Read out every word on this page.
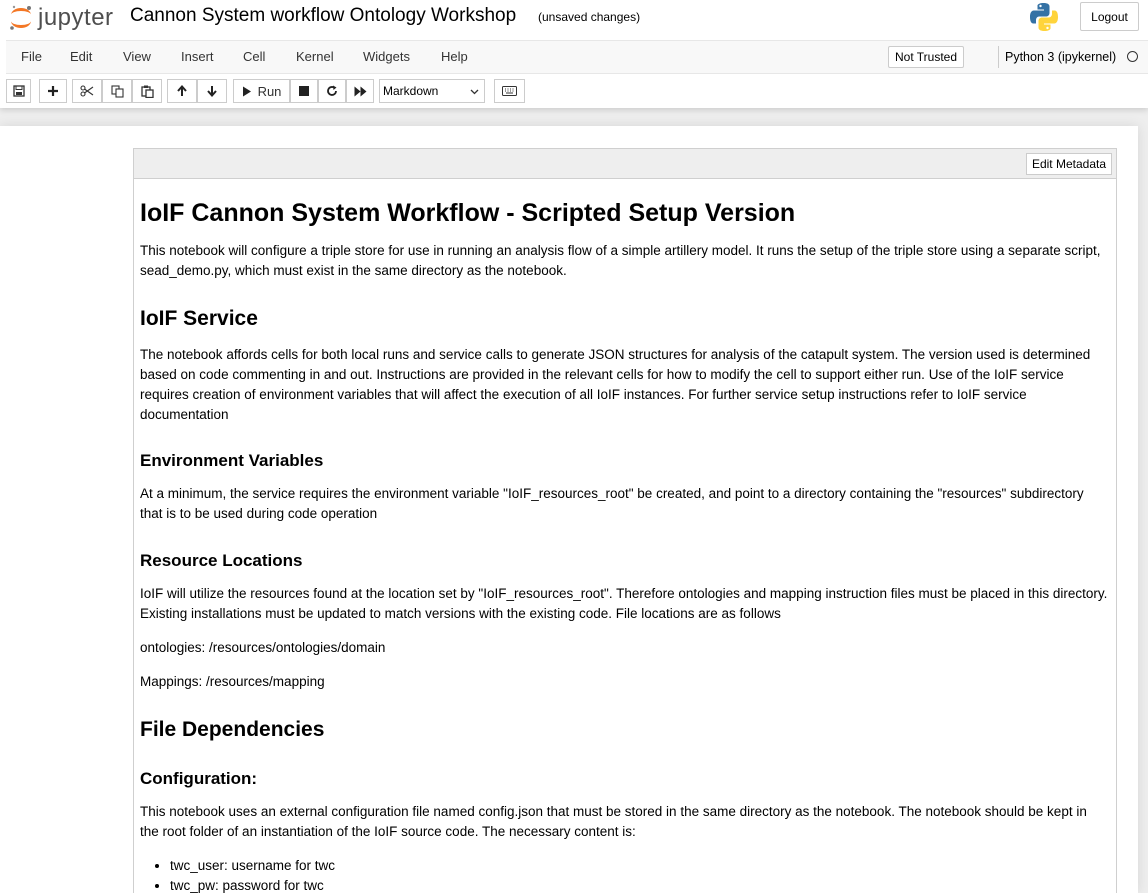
jupyter Cannon System workflow Ontology Workshop (unsaved changes)	Logout
File Edit View Insert Cell Kernel Widgets Help	Not Trusted	Python 3 (ipykernel)
Run	Markdown
Edit Metadata
IoIF Cannon System Workflow - Scripted Setup Version
This notebook will configure a triple store for use in running an analysis flow of a simple artillery model. It runs the setup of the triple store using a separate script, sead_demo.py, which must exist in the same directory as the notebook.
IoIF Service
The notebook affords cells for both local runs and service calls to generate JSON structures for analysis of the catapult system. The version used is determined based on code commenting in and out. Instructions are provided in the relevant cells for how to modify the cell to support either run. Use of the IoIF service requires creation of environment variables that will affect the execution of all IoIF instances. For further service setup instructions refer to IoIF service documentation
Environment Variables
At a minimum, the service requires the environment variable "IoIF_resources_root" be created, and point to a directory containing the "resources" subdirectory that is to be used during code operation
Resource Locations
IoIF will utilize the resources found at the location set by "IoIF_resources_root". Therefore ontologies and mapping instruction files must be placed in this directory. Existing installations must be updated to match versions with the existing code. File locations are as follows
ontologies: /resources/ontologies/domain
Mappings: /resources/mapping
File Dependencies
Configuration:
This notebook uses an external configuration file named config.json that must be stored in the same directory as the notebook. The notebook should be kept in the root folder of an instantiation of the IoIF source code. The necessary content is:
• twc_user: username for twc
• twc_pw: password for twc
